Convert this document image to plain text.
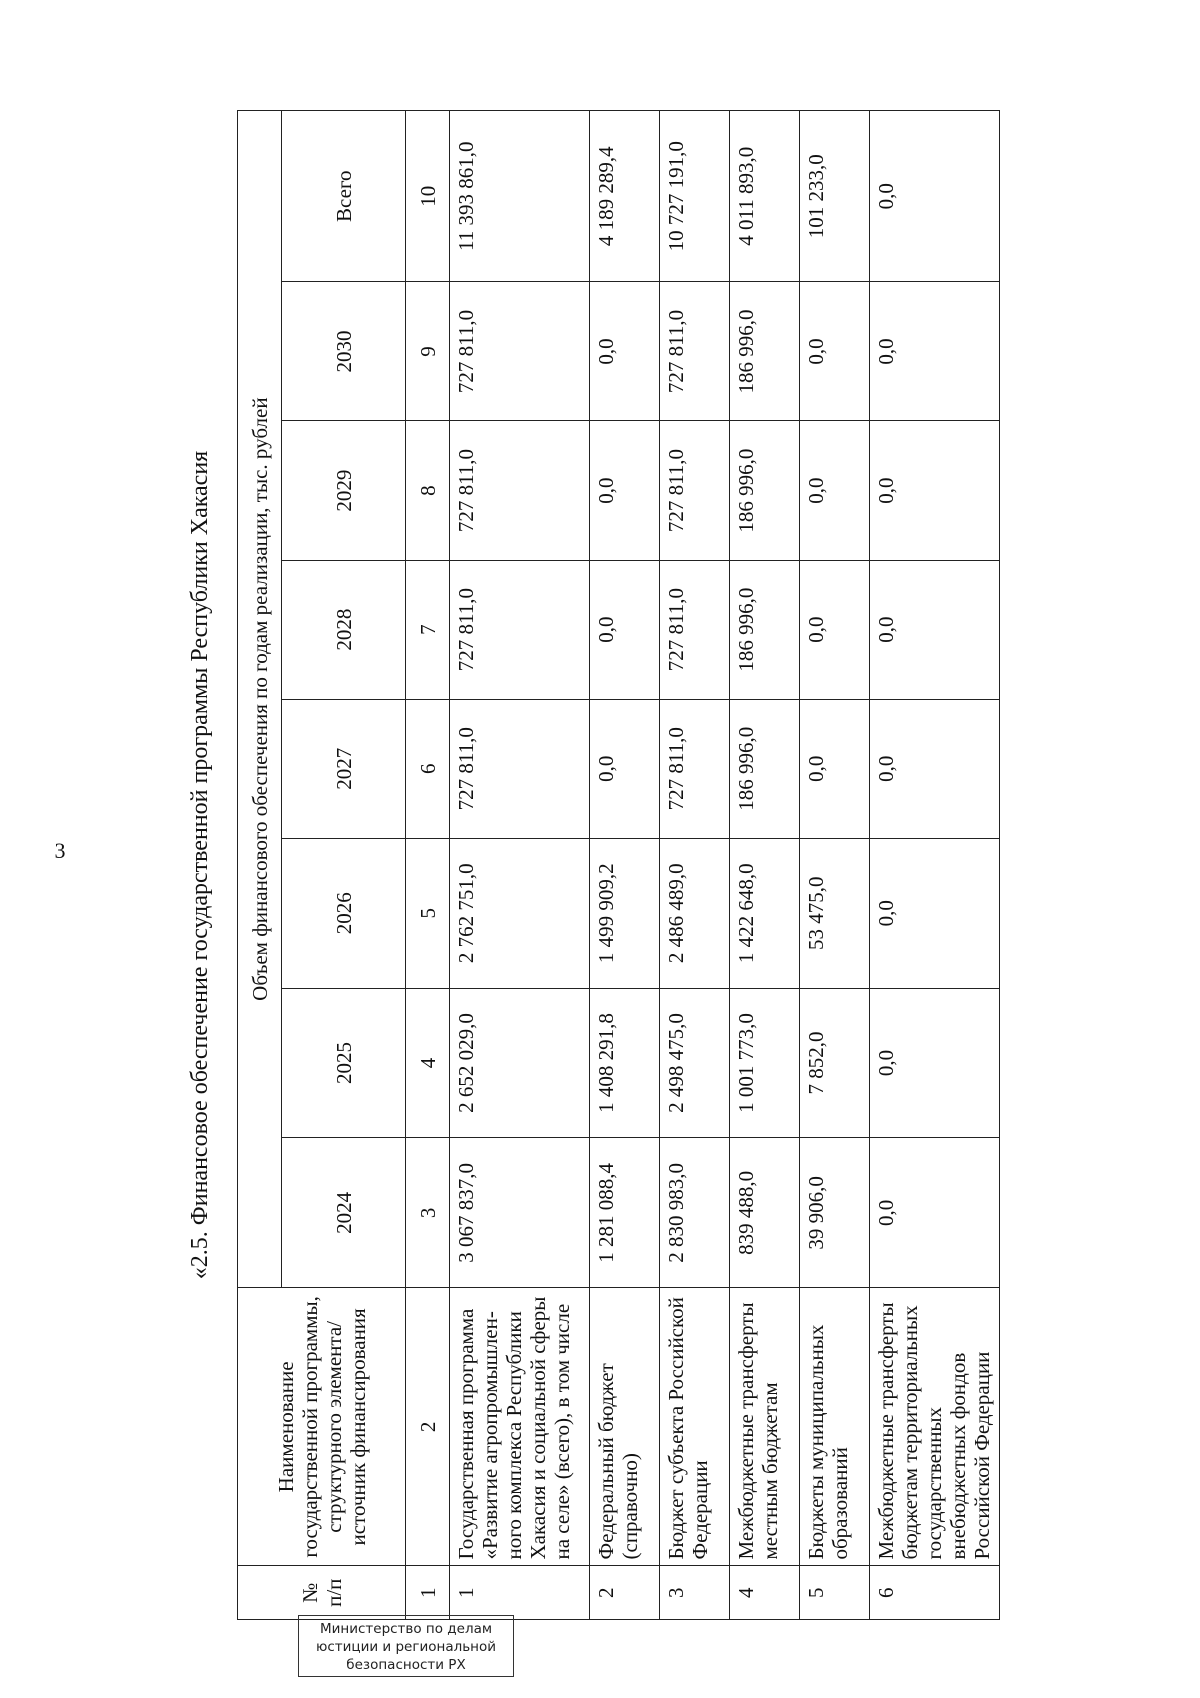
3	«2.5. Финансовое обеспечение государственной программы Республики Хакасия
№ п/п	Наименование государственной программы, структурного элемента/источник финансирования	Объем финансового обеспечения по годам реализации, тыс. рублей							
		2024	2025	2026	2027	2028	2029	2030	Всего
1	2	3	4	5	6	7	8	9	10
1	Государственная программа «Развитие агропромышлен-ного комплекса Республики Хакасия и социальной сферы на селе» (всего), в том числе	3 067 837,0	2 652 029,0	2 762 751,0	727 811,0	727 811,0	727 811,0	727 811,0	11 393 861,0
2	Федеральный бюджет (справочно)	1 281 088,4	1 408 291,8	1 499 909,2	0,0	0,0	0,0	0,0	4 189 289,4
3	Бюджет субъекта Российской Федерации	2 830 983,0	2 498 475,0	2 486 489,0	727 811,0	727 811,0	727 811,0	727 811,0	10 727 191,0
4	Межбюджетные трансферты местным бюджетам	839 488,0	1 001 773,0	1 422 648,0	186 996,0	186 996,0	186 996,0	186 996,0	4 011 893,0
5	Бюджеты муниципальных образований	39 906,0	7 852,0	53 475,0	0,0	0,0	0,0	0,0	101 233,0
6	Межбюджетные трансферты бюджетам территориальных государственных внебюджетных фондов Российской Федерации	0,0	0,0	0,0	0,0	0,0	0,0	0,0	0,0
Министерство по делам
юстиции и региональной
безопасности РХ
